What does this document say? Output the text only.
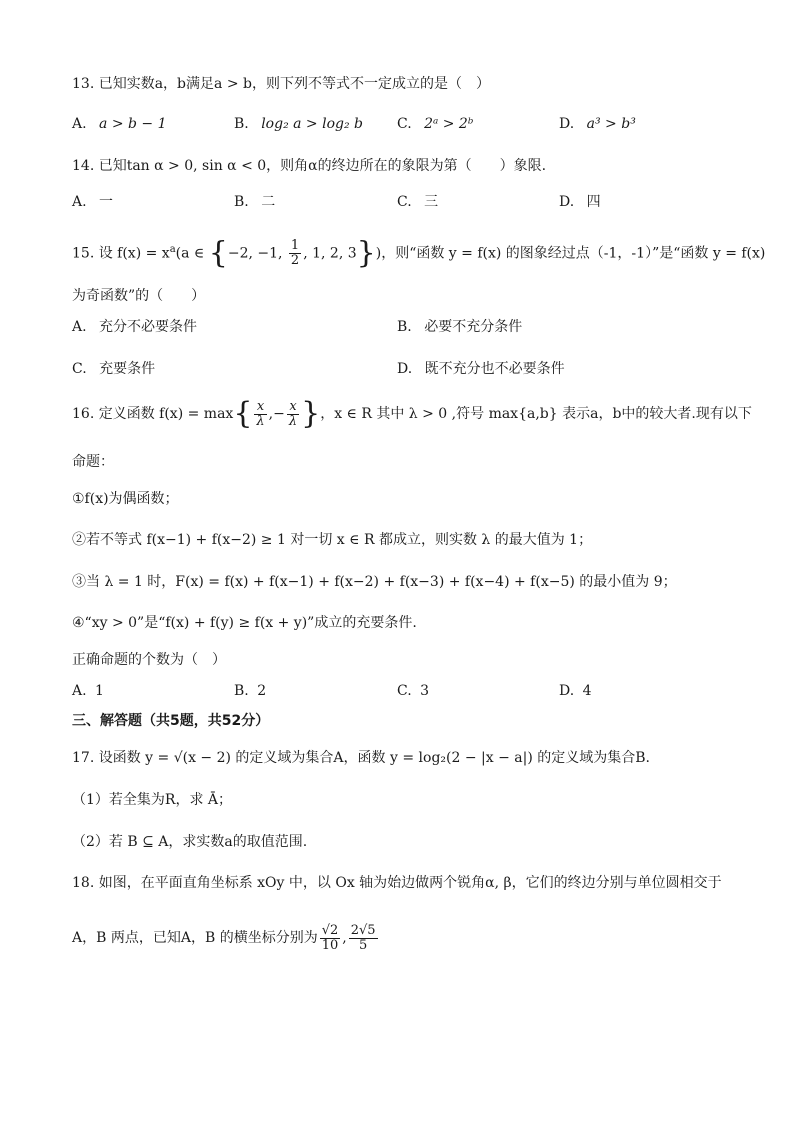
13. 已知实数a，b满足a > b，则下列不等式不一定成立的是（　）
A. a > b − 1	B. log₂ a > log₂ b C. 2ᵃ > 2ᵇ	D. a³ > b³
14. 已知tan α > 0, sin α < 0，则角α的终边所在的象限为第（　　）象限.
A. 一	B. 二	C. 三	D. 四
15. 设 $f(x) = x^a(a$ ∈ {−2, −1, $\frac{1}{2}$ , 1, 2, 3})，则“函数 y = f(x) 的图象经过点（-1，-1）”是“函数 y = f(x)
为奇函数”的（　　）
A. 充分不必要条件	B. 必要不充分条件
C. 充要条件	D. 既不充分也不必要条件
16. 定义函数 $f(x) = \max\{ \frac{x}{\lambda}$ ,− $\frac{x}{\lambda}$ }，x ∈ R 其中 λ > 0 ,符号 max{a,b} 表示a，b中的较大者.现有以下
命题：
①f(x)为偶函数；
②若不等式 f(x−1) + f(x−2) ≥ 1 对一切 x ∈ R 都成立，则实数 λ 的最大值为 1；
③当 λ = 1 时，F(x) = f(x) + f(x−1) + f(x−2) + f(x−3) + f(x−4) + f(x−5) 的最小值为 9；
④“xy > 0”是“f(x) + f(y) ≥ f(x + y)”成立的充要条件.
正确命题的个数为（　）
A. 1	B. 2	C. 3	D. 4
三、解答题（共5题，共52分）
17. 设函数 y = √(x − 2) 的定义域为集合A，函数 y = log₂(2 − |x − a|) 的定义域为集合B.
（1）若全集为R，求 Ā；
（2）若 B ⊆ A，求实数a的取值范围.
18. 如图，在平面直角坐标系 xOy 中，以 Ox 轴为始边做两个锐角α, β，它们的终边分别与单位圆相交于
A，B 两点，已知A，B 的横坐标分别为 $\frac{√2}{10}$ , $\frac{2√5}{5}$
